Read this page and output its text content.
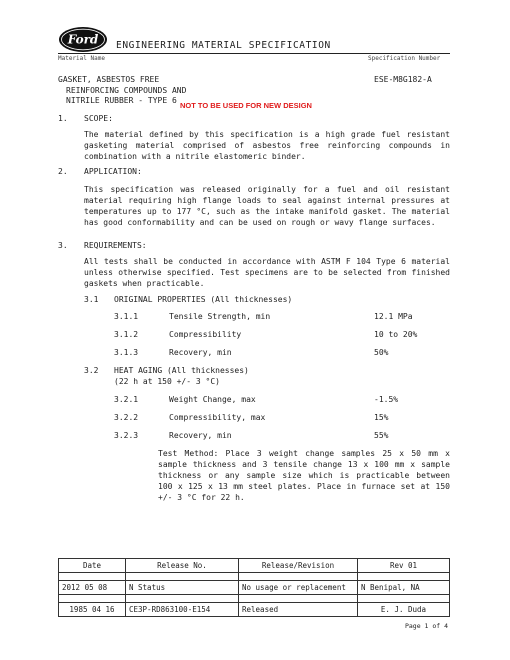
Ford ENGINEERING MATERIAL SPECIFICATION
Material Name	Specification Number
GASKET, ASBESTOS FREE	ESE-M8G182-A
REINFORCING COMPOUNDS AND
NITRILE RUBBER - TYPE 6
NOT TO BE USED FOR NEW DESIGN
1. SCOPE:
The material defined by this specification is a high grade fuel resistant gasketing material comprised of asbestos free reinforcing compounds in combination with a nitrile elastomeric binder.
2. APPLICATION:
This specification was released originally for a fuel and oil resistant material requiring high flange loads to seal against internal pressures at temperatures up to 177 °C, such as the intake manifold gasket. The material has good conformability and can be used on rough or wavy flange surfaces.
3. REQUIREMENTS:
All tests shall be conducted in accordance with ASTM F 104 Type 6 material unless otherwise specified. Test specimens are to be selected from finished gaskets when practicable.
3.1 ORIGINAL PROPERTIES (All thicknesses)
3.1.1	Tensile Strength, min	12.1 MPa
3.1.2	Compressibility	10 to 20%
3.1.3	Recovery, min	50%
3.2 HEAT AGING (All thicknesses)
(22 h at 150 +/- 3 °C)
3.2.1	Weight Change, max	-1.5%
3.2.2	Compressibility, max	15%
3.2.3	Recovery, min	55%
Test Method: Place 3 weight change samples 25 x 50 mm x sample thickness and 3 tensile change 13 x 100 mm x sample thickness or any sample size which is practicable between 100 x 125 x 13 mm steel plates. Place in furnace set at 150 +/- 3 °C for 22 h.
Date	Release No.	Release/Revision	Rev 01

2012 05 08	N Status	No usage or replacement	N Benipal, NA

1985 04 16	CE3P-RD863100-E154	Released	E. J. Duda
Page 1 of 4
